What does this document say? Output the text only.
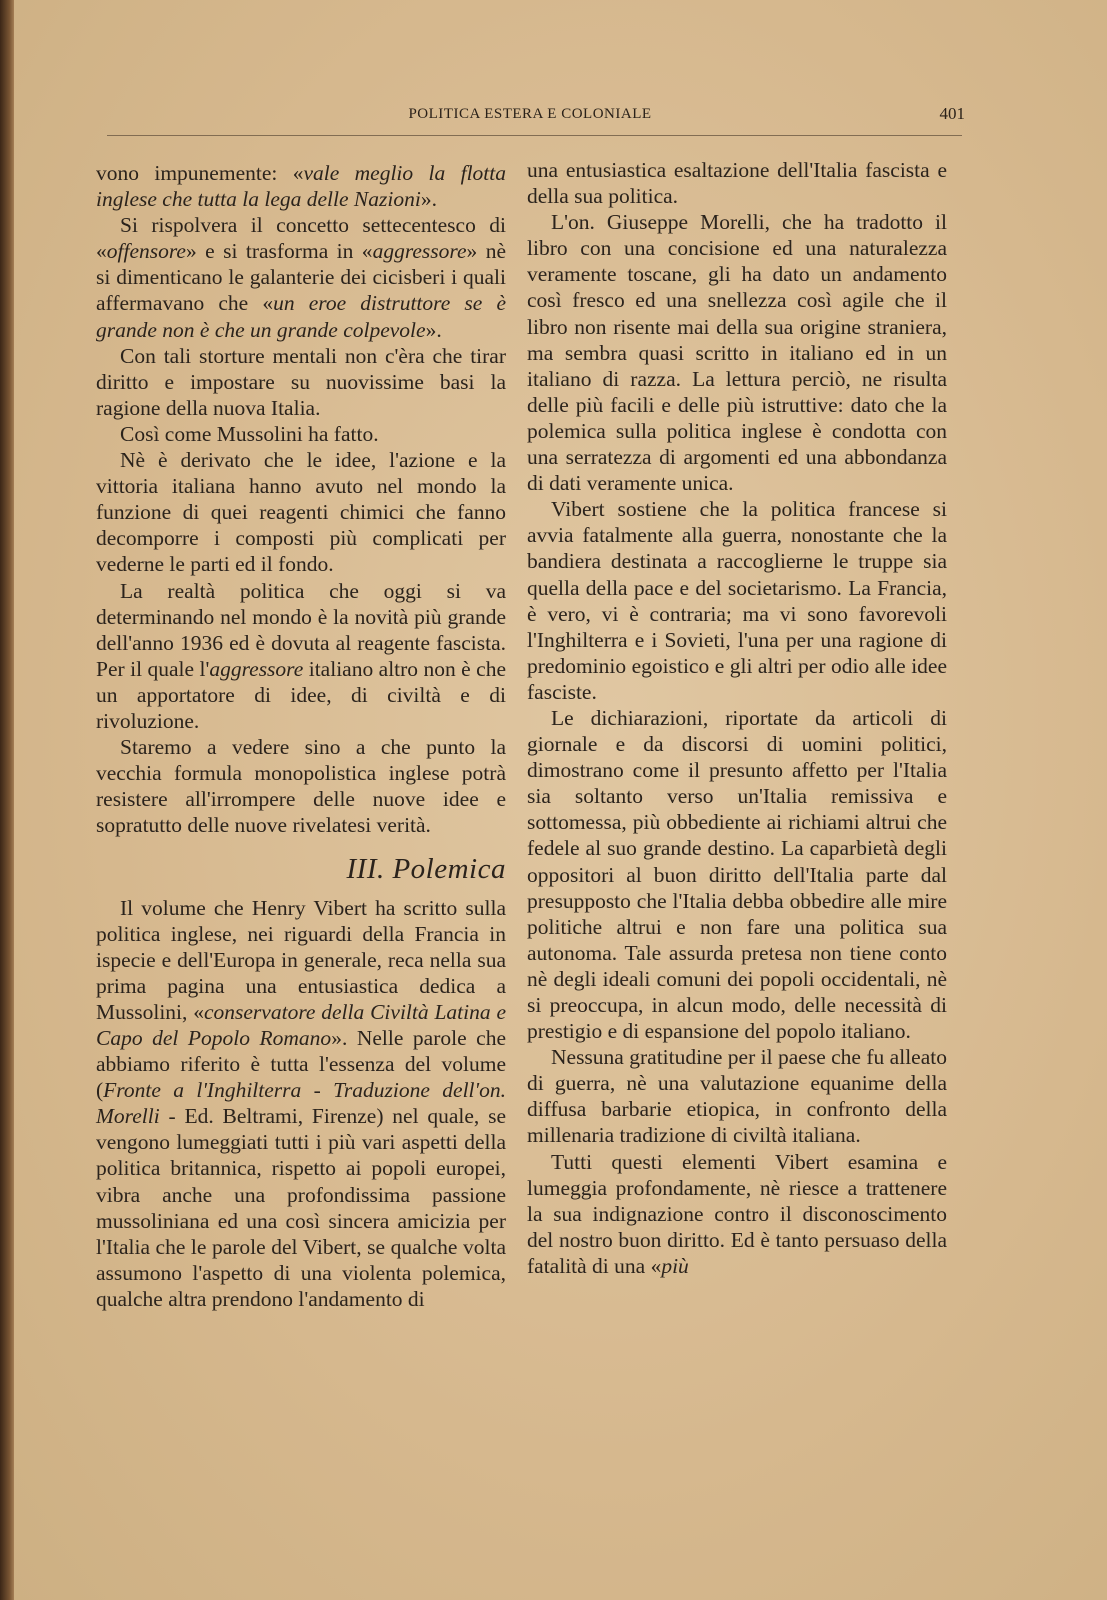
POLITICA ESTERA E COLONIALE	401

vono impunemente: «vale meglio la flotta inglese che tutta la lega delle Nazioni».

Si rispolvera il concetto settecentesco di «offensore» e si trasforma in «aggressore» nè si dimenticano le galanterie dei cicisberi i quali affermavano che «un eroe distruttore se è grande non è che un grande colpevole».

Con tali storture mentali non c'èra che tirar diritto e impostare su nuovissime basi la ragione della nuova Italia.

Così come Mussolini ha fatto.

Nè è derivato che le idee, l'azione e la vittoria italiana hanno avuto nel mondo la funzione di quei reagenti chimici che fanno decomporre i composti più complicati per vederne le parti ed il fondo.

La realtà politica che oggi si va determinando nel mondo è la novità più grande dell'anno 1936 ed è dovuta al reagente fascista. Per il quale l'aggressore italiano altro non è che un apportatore di idee, di civiltà e di rivoluzione.

Staremo a vedere sino a che punto la vecchia formula monopolistica inglese potrà resistere all'irrompere delle nuove idee e sopratutto delle nuove rivelatesi verità.

III. Polemica

Il volume che Henry Vibert ha scritto sulla politica inglese, nei riguardi della Francia in ispecie e dell'Europa in generale, reca nella sua prima pagina una entusiastica dedica a Mussolini, «conservatore della Civiltà Latina e Capo del Popolo Romano». Nelle parole che abbiamo riferito è tutta l'essenza del volume (Fronte a l'Inghilterra - Traduzione dell'on. Morelli - Ed. Beltrami, Firenze) nel quale, se vengono lumeggiati tutti i più vari aspetti della politica britannica, rispetto ai popoli europei, vibra anche una profondissima passione mussoliniana ed una così sincera amicizia per l'Italia che le parole del Vibert, se qualche volta assumono l'aspetto di una violenta polemica, qualche altra prendono l'andamento di

una entusiastica esaltazione dell'Italia fascista e della sua politica.

L'on. Giuseppe Morelli, che ha tradotto il libro con una concisione ed una naturalezza veramente toscane, gli ha dato un andamento così fresco ed una snellezza così agile che il libro non risente mai della sua origine straniera, ma sembra quasi scritto in italiano ed in un italiano di razza. La lettura perciò, ne risulta delle più facili e delle più istruttive: dato che la polemica sulla politica inglese è condotta con una serratezza di argomenti ed una abbondanza di dati veramente unica.

Vibert sostiene che la politica francese si avvia fatalmente alla guerra, nonostante che la bandiera destinata a raccoglierne le truppe sia quella della pace e del societarismo. La Francia, è vero, vi è contraria; ma vi sono favorevoli l'Inghilterra e i Sovieti, l'una per una ragione di predominio egoistico e gli altri per odio alle idee fasciste.

Le dichiarazioni, riportate da articoli di giornale e da discorsi di uomini politici, dimostrano come il presunto affetto per l'Italia sia soltanto verso un'Italia remissiva e sottomessa, più obbediente ai richiami altrui che fedele al suo grande destino. La caparbietà degli oppositori al buon diritto dell'Italia parte dal presupposto che l'Italia debba obbedire alle mire politiche altrui e non fare una politica sua autonoma. Tale assurda pretesa non tiene conto nè degli ideali comuni dei popoli occidentali, nè si preoccupa, in alcun modo, delle necessità di prestigio e di espansione del popolo italiano.

Nessuna gratitudine per il paese che fu alleato di guerra, nè una valutazione equanime della diffusa barbarie etiopica, in confronto della millenaria tradizione di civiltà italiana.

Tutti questi elementi Vibert esamina e lumeggia profondamente, nè riesce a trattenere la sua indignazione contro il disconoscimento del nostro buon diritto. Ed è tanto persuaso della fatalità di una «più
